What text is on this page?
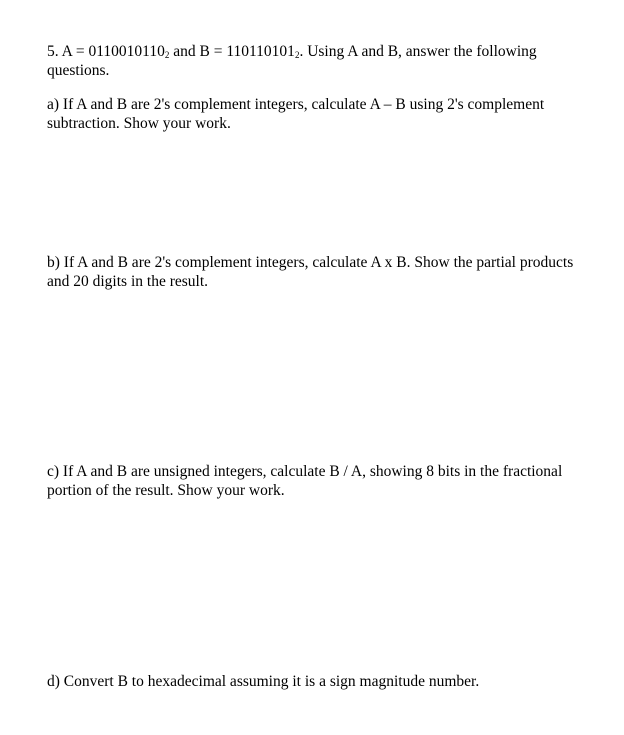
5. $A = 0110010110_2$ and $B = 110110101_2$. Using A and B, answer the following questions.

a) If A and B are 2's complement integers, calculate A – B using 2's complement subtraction. Show your work.

b) If A and B are 2's complement integers, calculate A x B. Show the partial products and 20 digits in the result.

c) If A and B are unsigned integers, calculate B / A, showing 8 bits in the fractional portion of the result. Show your work.

d) Convert B to hexadecimal assuming it is a sign magnitude number.
